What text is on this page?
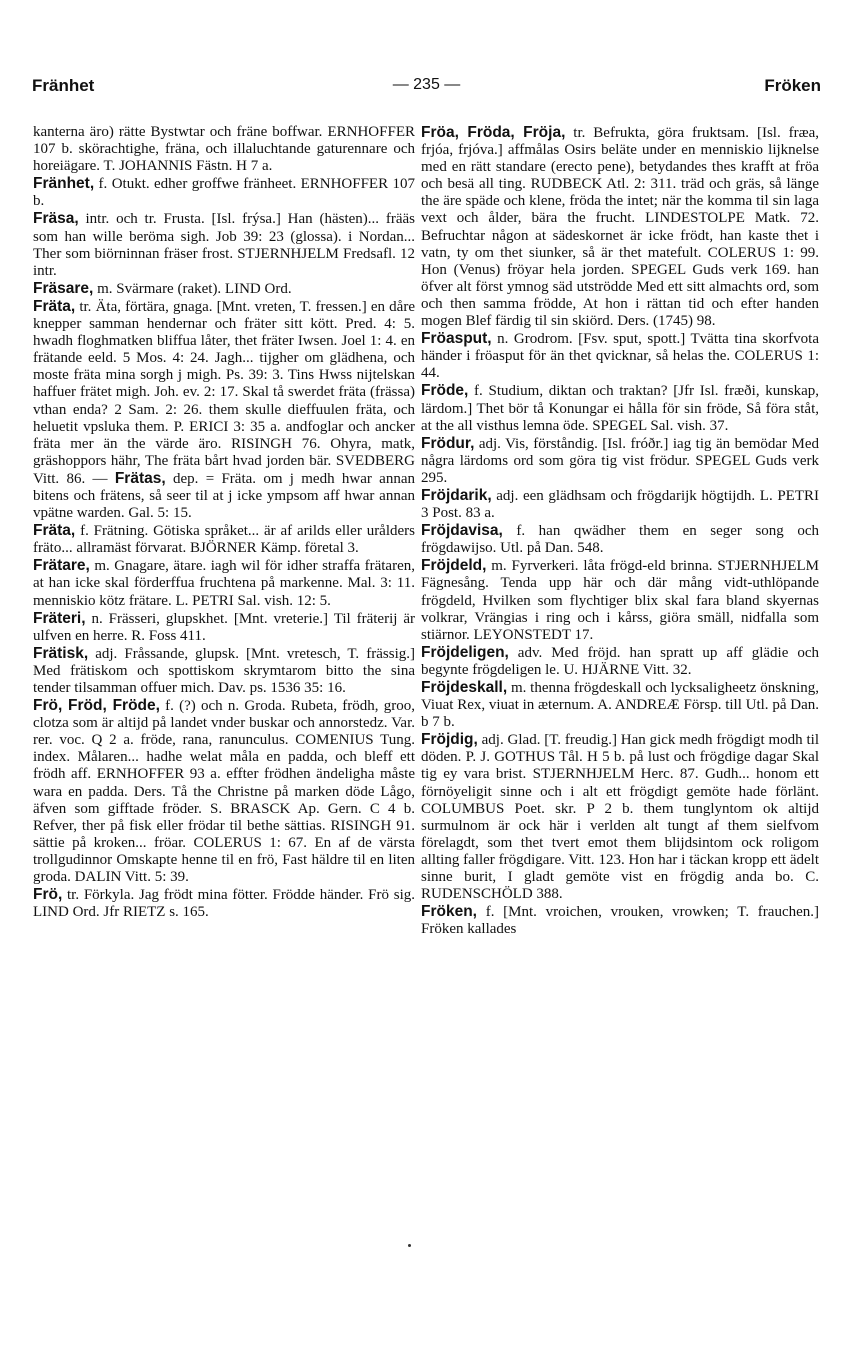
Fränhet	— 235 —	Fröken

kanterna äro) rätte Bystwtar och fräne boffwar. ERNHOFFER 107 b. skörachtighe, fräna, och illaluchtande gaturennare och horeiägare. T. JOHANNIS Fästn. H 7 a.

Fränhet, f. Otukt. edher groffwe fränheet. ERNHOFFER 107 b.

Fräsa, intr. och tr. Frusta. [Isl. frýsa.] Han (hästen)... frääs som han wille beröma sigh. Job 39: 23 (glossa). i Nordan... Ther som biörninnan fräser frost. STJERNHJELM Fredsafl. 12 intr.

Fräsare, m. Svärmare (raket). LIND Ord.

Fräta, tr. Äta, förtära, gnaga. [Mnt. vreten, T. fressen.] en dåre knepper samman hendernar och fräter sitt kött. Pred. 4: 5. hwadh floghmatken bliffua låter, thet fräter Iwsen. Joel 1: 4. en frätande eeld. 5 Mos. 4: 24. Jagh... tijgher om glädhena, och moste fräta mina sorgh j migh. Ps. 39: 3. Tins Hwss nijtelskan haffuer frätet migh. Joh. ev. 2: 17. Skal tå swerdet fräta (frässa) vthan enda? 2 Sam. 2: 26. them skulle dieffuulen fräta, och heluetit vpsluka them. P. ERICI 3: 35 a. andfoglar och ancker fräta mer än the värde äro. RISINGH 76. Ohyra, matk, gräshoppors hähr, The fräta bårt hvad jorden bär. SVEDBERG Vitt. 86. — Frätas, dep. = Fräta. om j medh hwar annan bitens och frätens, så seer til at j icke ympsom aff hwar annan vpätne warden. Gal. 5: 15.

Fräta, f. Frätning. Götiska språket... är af arilds eller urålders fräto... allramäst förvarat. BJÖRNER Kämp. företal 3.

Frätare, m. Gnagare, ätare. iagh wil för idher straffa frätaren, at han icke skal förderffua fruchtena på markenne. Mal. 3: 11. menniskio kötz frätare. L. PETRI Sal. vish. 12: 5.

Fräteri, n. Frässeri, glupskhet. [Mnt. vreterie.] Til fräterij är ulfven en herre. R. Foss 411.

Frätisk, adj. Fråssande, glupsk. [Mnt. vretesch, T. frässig.] Med frätiskom och spottiskom skrymtarom bitto the sina tender tilsamman offuer mich. Dav. ps. 1536 35: 16.

Frö, Fröd, Fröde, f. (?) och n. Groda. Rubeta, frödh, groo, clotza som är altijd på landet vnder buskar och annorstedz. Var. rer. voc. Q 2 a. fröde, rana, ranunculus. COMENIUS Tung. index. Målaren... hadhe welat måla en padda, och bleff ett frödh aff. ERNHOFFER 93 a. effter frödhen ändeligha måste wara en padda. Ders. Tå the Christne på marken döde Lågo, äfven som gifftade fröder. S. BRASCK Ap. Gern. C 4 b. Refver, ther på fisk eller frödar til bethe sättias. RISINGH 91. sättie på kroken... fröar. COLERUS 1: 67. En af de värsta trollgudinnor Omskapte henne til en frö, Fast häldre til en liten groda. DALIN Vitt. 5: 39.

Frö, tr. Förkyla. Jag frödt mina fötter. Frödde händer. Frö sig. LIND Ord. Jfr RIETZ s. 165.

Fröa, Fröda, Fröja, tr. Befrukta, göra fruktsam. [Isl. fræa, frjóa, frjóva.] affmålas Osirs beläte under en menniskio lijknelse med en rätt standare (erecto pene), betydandes thes krafft at fröa och besä all ting. RUDBECK Atl. 2: 311. träd och gräs, så länge the äre späde och klene, fröda the intet; när the komma til sin laga vext och ålder, bära the frucht. LINDESTOLPE Matk. 72. Befruchtar någon at sädeskornet är icke frödt, han kaste thet i vatn, ty om thet siunker, så är thet matefult. COLERUS 1: 99. Hon (Venus) fröyar hela jorden. SPEGEL Guds verk 169. han öfver alt först ymnog säd utströdde Med ett sitt almachts ord, som och then samma frödde, At hon i rättan tid och efter handen mogen Blef färdig til sin skiörd. Ders. (1745) 98.

Fröasput, n. Grodrom. [Fsv. sput, spott.] Tvätta tina skorfvota händer i fröasput för än thet qvicknar, så helas the. COLERUS 1: 44.

Fröde, f. Studium, diktan och traktan? [Jfr Isl. fræði, kunskap, lärdom.] Thet bör tå Konungar ei hålla för sin fröde, Så föra ståt, at the all visthus lemna öde. SPEGEL Sal. vish. 37.

Frödur, adj. Vis, förståndig. [Isl. fróðr.] iag tig än bemödar Med några lärdoms ord som göra tig vist frödur. SPEGEL Guds verk 295.

Fröjdarik, adj. een glädhsam och frögdarijk högtijdh. L. PETRI 3 Post. 83 a.

Fröjdavisa, f. han qwädher them en seger song och frögdawijso. Utl. på Dan. 548.

Fröjdeld, m. Fyrverkeri. låta frögd-eld brinna. STJERNHJELM Fägnesång. Tenda upp här och där mång vidt-uthlöpande frögdeld, Hvilken som flychtiger blix skal fara bland skyernas volkrar, Vrängias i ring och i kårss, giöra smäll, nidfalla som stiärnor. LEYONSTEDT 17.

Fröjdeligen, adv. Med fröjd. han spratt up aff glädie och begynte frögdeligen le. U. HJÄRNE Vitt. 32.

Fröjdeskall, m. thenna frögdeskall och lycksaligheetz önskning, Viuat Rex, viuat in æternum. A. ANDREÆ Försp. till Utl. på Dan. b 7 b.

Fröjdig, adj. Glad. [T. freudig.] Han gick medh frögdigt modh til döden. P. J. GOTHUS Tål. H 5 b. på lust och frögdige dagar Skal tig ey vara brist. STJERNHJELM Herc. 87. Gudh... honom ett förnöyeligit sinne och i alt ett frögdigt gemöte hade förlänt. COLUMBUS Poet. skr. P 2 b. them tunglyntom ok altijd surmulnom är ock här i verlden alt tungt af them sielfvom förelagdt, som thet tvert emot them blijdsintom ock roligom allting faller frögdigare. Vitt. 123. Hon har i täckan kropp ett ädelt sinne burit, I gladt gemöte vist en frögdig anda bo. C. RUDENSCHÖLD 388.

Fröken, f. [Mnt. vroichen, vrouken, vrowken; T. frauchen.] Fröken kallades
